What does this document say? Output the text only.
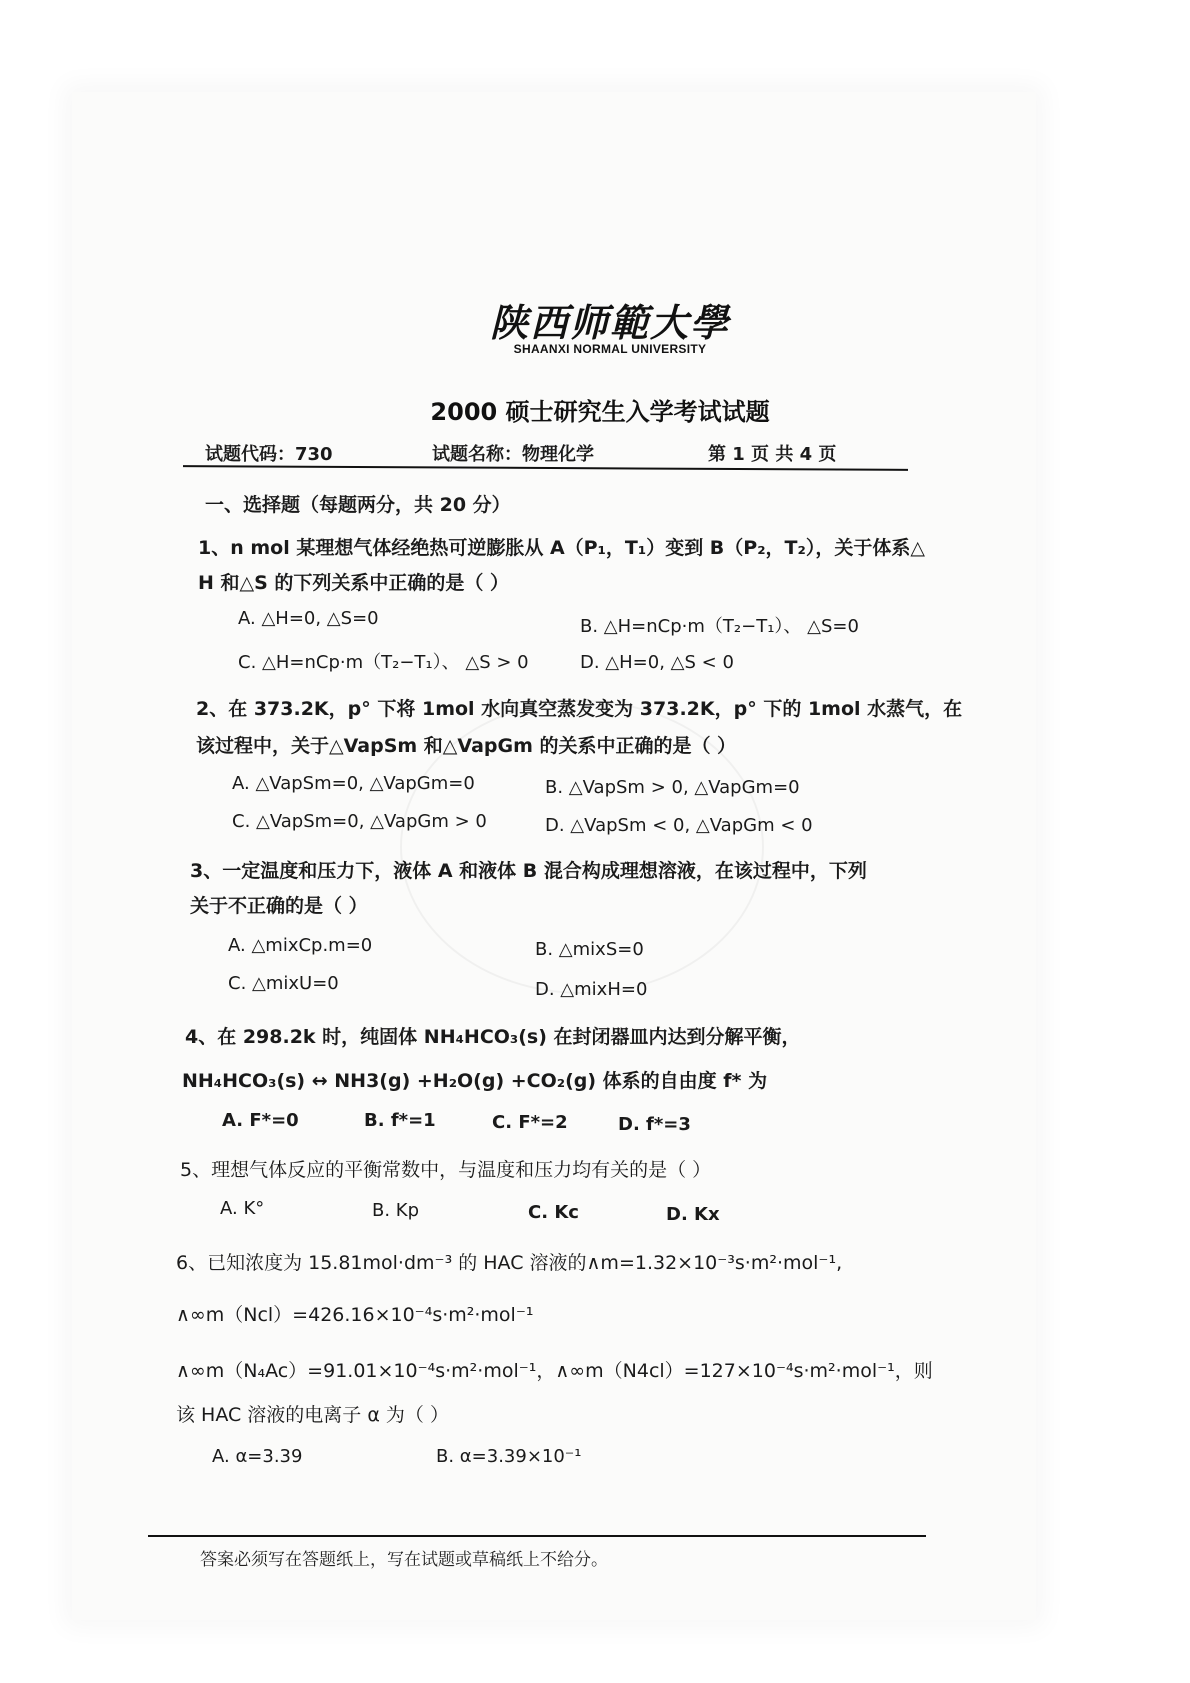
陕西师範大學
SHAANXI NORMAL UNIVERSITY
2000 硕士研究生入学考试试题
试题代码：730	试题名称：物理化学	第 1 页 共 4 页
一、选择题（每题两分，共 20 分）
1、n mol 某理想气体经绝热可逆膨胀从 A（P₁，T₁）变到 B（P₂，T₂），关于体系△
H 和△S 的下列关系中正确的是（ ）
A. △H=0, △S=0	B. △H=nCp·m（T₂−T₁）、 △S=0
C. △H=nCp·m（T₂−T₁）、 △S > 0	D. △H=0, △S < 0
2、在 373.2K，p° 下将 1mol 水向真空蒸发变为 373.2K，p° 下的 1mol 水蒸气，在
该过程中，关于△VapSm 和△VapGm 的关系中正确的是（ ）
A. △VapSm=0, △VapGm=0	B. △VapSm > 0, △VapGm=0
C. △VapSm=0, △VapGm > 0	D. △VapSm < 0, △VapGm < 0
3、一定温度和压力下，液体 A 和液体 B 混合构成理想溶液，在该过程中，下列
关于不正确的是（ ）
A. △mixCp.m=0	B. △mixS=0
C. △mixU=0	D. △mixH=0
4、在 298.2k 时，纯固体 NH₄HCO₃(s) 在封闭器皿内达到分解平衡，
NH₄HCO₃(s) ↔ NH3(g) +H₂O(g) +CO₂(g) 体系的自由度 f* 为
A. F*=0	B. f*=1	C. F*=2	D. f*=3
5、理想气体反应的平衡常数中，与温度和压力均有关的是（ ）
A. K°	B. Kp	C. Kc	D. Kx
6、已知浓度为 15.81mol·dm⁻³ 的 HAC 溶液的∧m=1.32×10⁻³s·m²·mol⁻¹,
∧∞m（Ncl）=426.16×10⁻⁴s·m²·mol⁻¹
∧∞m（N₄Ac）=91.01×10⁻⁴s·m²·mol⁻¹，∧∞m（N4cl）=127×10⁻⁴s·m²·mol⁻¹，则
该 HAC 溶液的电离子 α 为（ ）
A. α=3.39	B. α=3.39×10⁻¹
答案必须写在答题纸上，写在试题或草稿纸上不给分。
